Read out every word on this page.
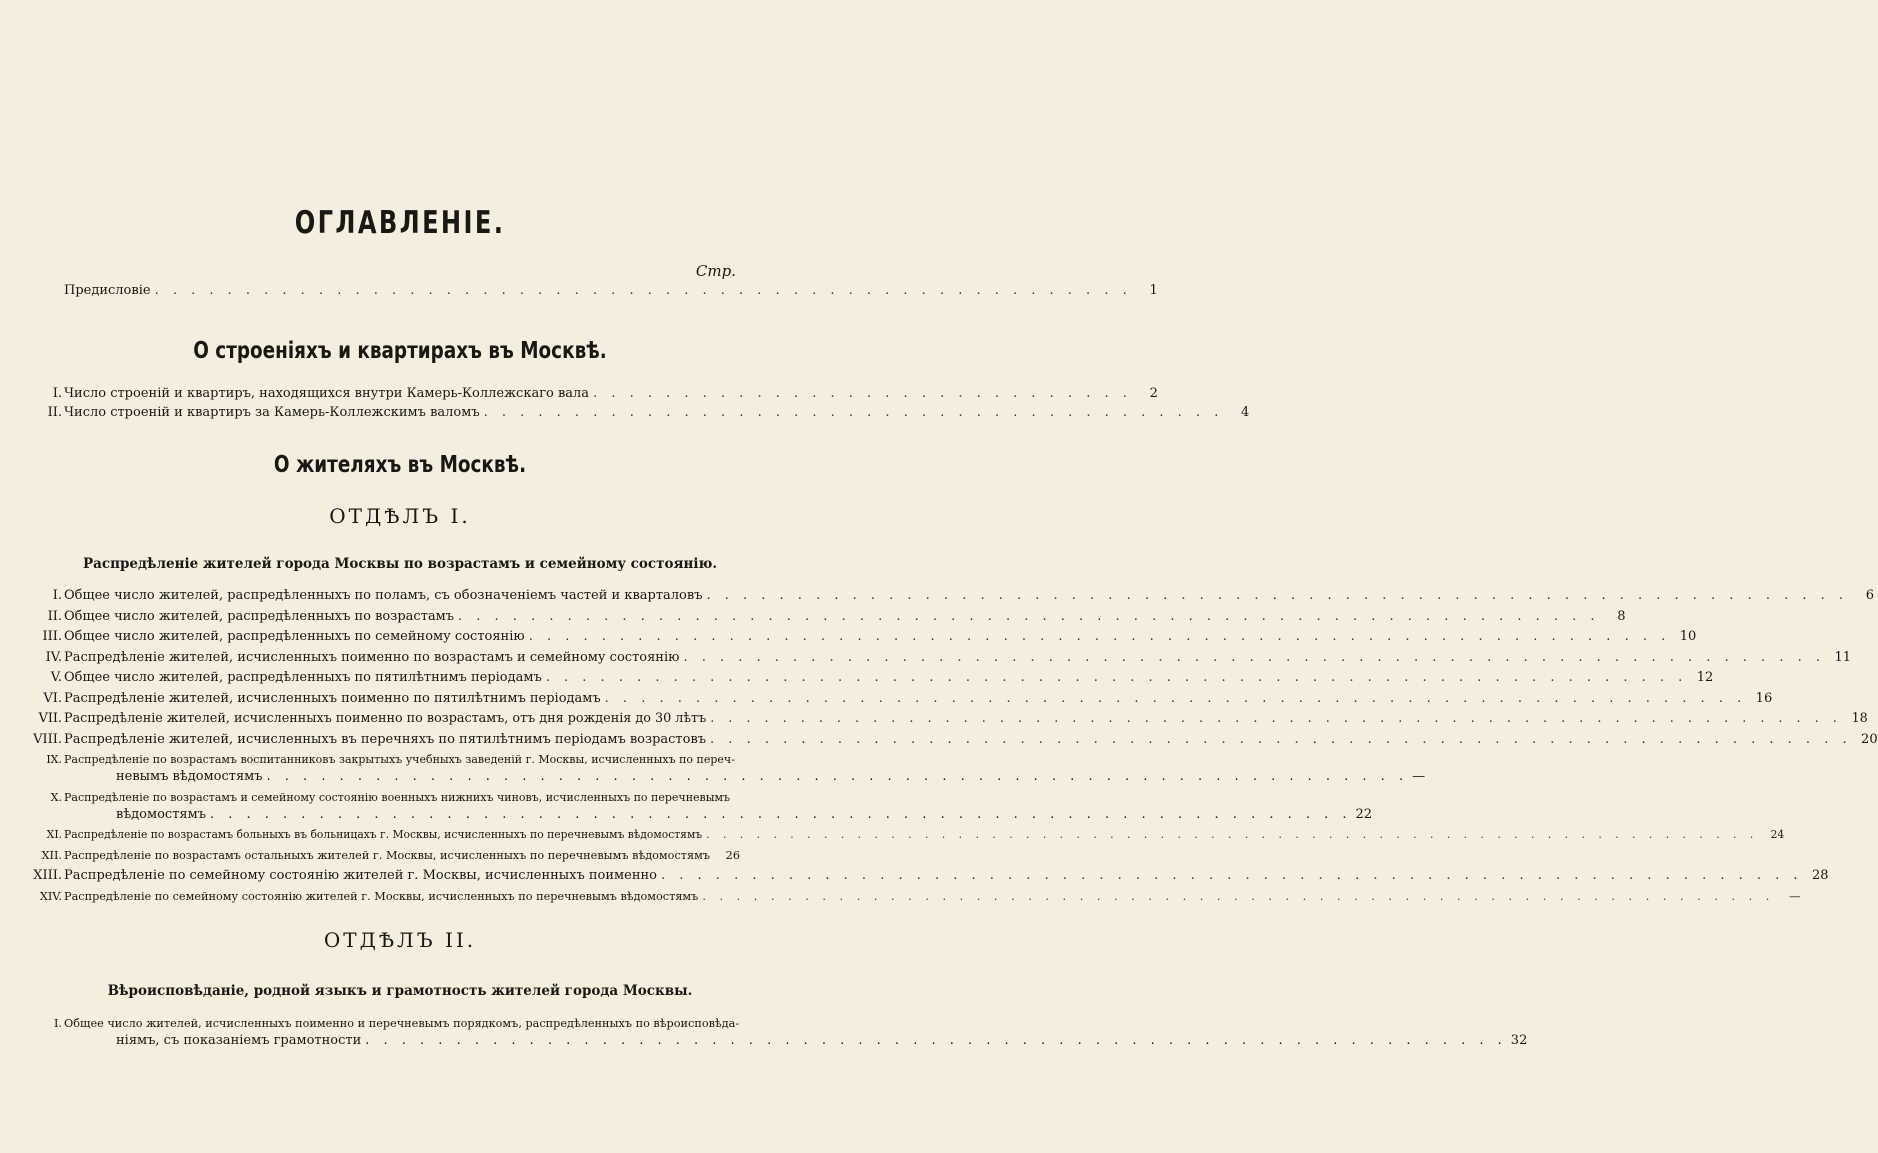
ОГЛАВЛЕНІЕ.
Стр.
Предисловіе . . . . . . . . . . . . . . . . . . . . . . . . . . . . . . . . . . . . . . . . . . . . . . . . . . . . . .	1
О строеніяхъ и квартирахъ въ Москвѣ.
I. Число строеній и квартиръ, находящихся внутри Камерь-Коллежскаго вала . . . . . . . . . . . . . . . . . . . . . . . . . . . . . .	2
II. Число строеній и квартиръ за Камерь-Коллежскимъ валомъ . . . . . . . . . . . . . . . . . . . . . . . . . . . . . . . . . . . . . . . . .	4
О жителяхъ въ Москвѣ.
ОТДѢЛЪ I.
Распредѣленіе жителей города Москвы по возрастамъ и семейному состоянію.
I. Общее число жителей, распредѣленныхъ по поламъ, съ обозначеніемъ частей и кварталовъ . . . . . . . . . . . . . . . . . . . . . . . . . . . . . . . . . . . . . . . . . . . . . . . . . . . . . . . . . . . . . . .	6
II. Общее число жителей, распредѣленныхъ по возрастамъ . . . . . . . . . . . . . . . . . . . . . . . . . . . . . . . . . . . . . . . . . . . . . . . . . . . . . . . . . . . . . . .	8
III. Общее число жителей, распредѣленныхъ по семейному состоянію . . . . . . . . . . . . . . . . . . . . . . . . . . . . . . . . . . . . . . . . . . . . . . . . . . . . . . . . . . . . . . . 10
IV. Распредѣленіе жителей, исчисленныхъ поименно по возрастамъ и семейному состоянію . . . . . . . . . . . . . . . . . . . . . . . . . . . . . . . . . . . . . . . . . . . . . . . . . . . . . . . . . . . . . . . 11
V. Общее число жителей, распредѣленныхъ по пятилѣтнимъ періодамъ . . . . . . . . . . . . . . . . . . . . . . . . . . . . . . . . . . . . . . . . . . . . . . . . . . . . . . . . . . . . . . . 12
VI. Распредѣленіе жителей, исчисленныхъ поименно по пятилѣтнимъ періодамъ . . . . . . . . . . . . . . . . . . . . . . . . . . . . . . . . . . . . . . . . . . . . . . . . . . . . . . . . . . . . . . . 16
VII. Распредѣленіе жителей, исчисленныхъ поименно по возрастамъ, отъ дня рожденія до 30 лѣтъ . . . . . . . . . . . . . . . . . . . . . . . . . . . . . . . . . . . . . . . . . . . . . . . . . . . . . . . . . . . . . . . 18
VIII. Распредѣленіе жителей, исчисленныхъ въ перечняхъ по пятилѣтнимъ періодамъ возрастовъ . . . . . . . . . . . . . . . . . . . . . . . . . . . . . . . . . . . . . . . . . . . . . . . . . . . . . . . . . . . . . . . 20
IX. Распредѣленіе по возрастамъ воспитанниковъ закрытыхъ учебныхъ заведеній г. Москвы, исчисленныхъ по переч-
невымъ вѣдомостямъ . . . . . . . . . . . . . . . . . . . . . . . . . . . . . . . . . . . . . . . . . . . . . . . . . . . . . . . . . . . . . . . —
X. Распредѣленіе по возрастамъ и семейному состоянію военныхъ нижнихъ чиновъ, исчисленныхъ по перечневымъ
вѣдомостямъ . . . . . . . . . . . . . . . . . . . . . . . . . . . . . . . . . . . . . . . . . . . . . . . . . . . . . . . . . . . . . . . 22
XI. Распредѣленіе по возрастамъ больныхъ въ больницахъ г. Москвы, исчисленныхъ по перечневымъ вѣдомостямъ . . . . . . . . . . . . . . . . . . . . . . . . . . . . . . . . . . . . . . . . . . . . . . . . . . . . . . . . . . . . . . .	24
XII. Распредѣленіе по возрастамъ остальныхъ жителей г. Москвы, исчисленныхъ по перечневымъ вѣдомостямъ	26
XIII. Распредѣленіе по семейному состоянію жителей г. Москвы, исчисленныхъ поименно . . . . . . . . . . . . . . . . . . . . . . . . . . . . . . . . . . . . . . . . . . . . . . . . . . . . . . . . . . . . . . . 28
XIV. Распредѣленіе по семейному состоянію жителей г. Москвы, исчисленныхъ по перечневымъ вѣдомостямъ . . . . . . . . . . . . . . . . . . . . . . . . . . . . . . . . . . . . . . . . . . . . . . . . . . . . . . . . . . . . . . .	—
ОТДѢЛЪ II.
Вѣроисповѣданіе, родной языкъ и грамотность жителей города Москвы.
I. Общее число жителей, исчисленныхъ поименно и перечневымъ порядкомъ, распредѣленныхъ по вѣроисповѣда-
ніямъ, съ показаніемъ грамотности . . . . . . . . . . . . . . . . . . . . . . . . . . . . . . . . . . . . . . . . . . . . . . . . . . . . . . . . . . . . . . . 32
